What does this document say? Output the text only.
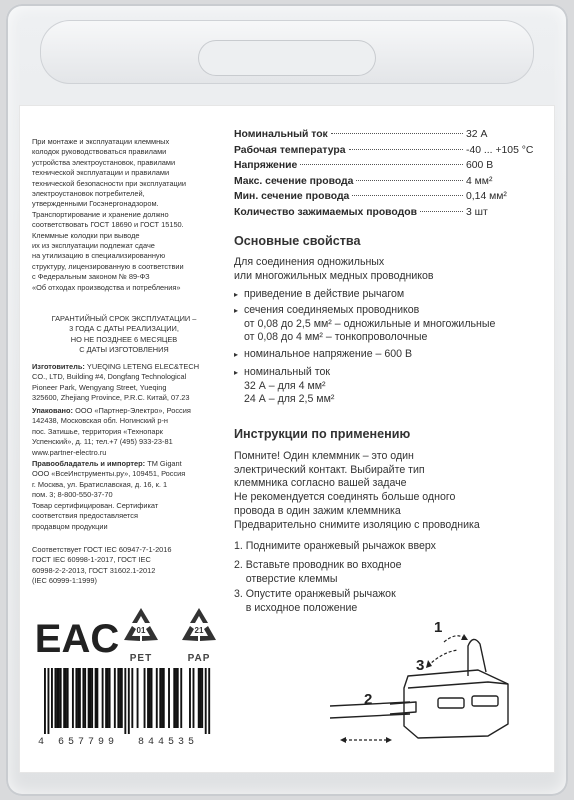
При монтаже и эксплуатации клеммных

колодок руководствоваться правилами

устройства электроустановок, правилами

технической эксплуатации и правилами

технической безопасности при эксплуатации

электроустановок потребителей,

утвержденными Госэнергонадзором.

Транспортирование и хранение должно

соответствовать ГОСТ 18690 и ГОСТ 15150.

Клеммные колодки при выводе

их из эксплуатации подлежат сдаче

на утилизацию в специализированную

структуру, лицензированную в соответствии

с Федеральным законом № 89-ФЗ

«Об отходах производства и потребления»

ГАРАНТИЙНЫЙ СРОК ЭКСПЛУАТАЦИИ –

3 ГОДА С ДАТЫ РЕАЛИЗАЦИИ,

НО НЕ ПОЗДНЕЕ 6 МЕСЯЦЕВ

С ДАТЫ ИЗГОТОВЛЕНИЯ

Изготовитель: YUEQING LETENG ELEC&TECH

CO., LTD, Building #4, Dongfang Technological

Pioneer Park, Wengyang Street, Yueqing

325600, Zhejiang Province, P.R.C. Китай, 07.23

Упаковано: ООО «Партнер-Электро», Россия

142438, Московская обл. Ногинский р-н

пос. Затишье, территория «Технопарк

Успенский», д. 11; тел.+7 (495) 933-23-81

www.partner-electro.ru

Правообладатель и импортер: TM Gigant

ООО «ВсеИнструменты.ру», 109451, Россия

г. Москва, ул. Братиславская, д. 16, к. 1

пом. 3; 8-800-550-37-70

Товар сертифицирован. Сертификат

соответствия предоставляется

продавцом продукции

Соответствует ГОСТ IEC 60947-7-1-2016

ГОСТ IEC 60998-1-2017, ГОСТ IEC

60998-2-2-2013, ГОСТ 31602.1-2012

(IEC 60999-1:1999)

EAC 01
PET
21
PAP
4 657799 844535
Номинальный ток	32 А
Рабочая температура	-40 ... +105 °С
Напряжение	600 В
Макс. сечение провода	4 мм²
Мин. сечение провода	0,14 мм²
Количество зажимаемых проводов	3 шт
Основные свойства
Для соединения одножильных
или многожильных медных проводников
▸ приведение в действие рычагом
▸ сечения соединяемых проводников
от 0,08 до 2,5 мм² – одножильные и многожильные
от 0,08 до 4 мм² – тонкопроволочные
▸ номинальное напряжение – 600 В
▸ номинальный ток
32 А – для 4 мм²
24 А – для 2,5 мм²
Инструкции по применению
Помните! Один клеммник – это один
электрический контакт. Выбирайте тип
клеммника согласно вашей задаче
Не рекомендуется соединять больше одного
провода в один зажим клеммника
Предварительно снимите изоляцию с проводника
1. Поднимите оранжевый рычажок вверх
2. Вставьте проводник во входное
отверстие клеммы
3. Опустите оранжевый рычажок
в исходное положение
1
2
3
